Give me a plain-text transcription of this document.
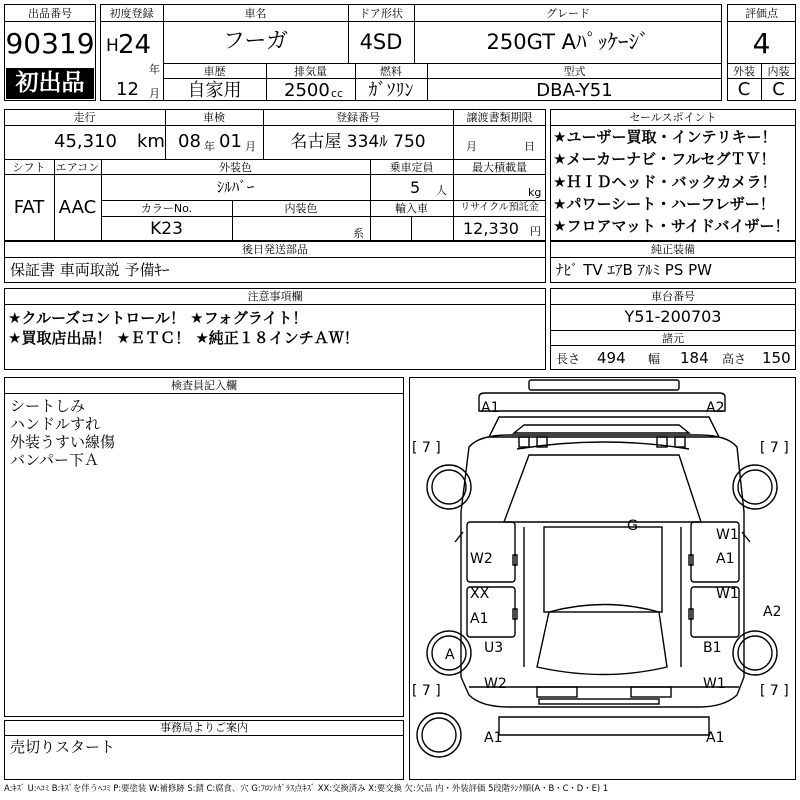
出品番号
90319
初出品
初度登録
H 24
年
12 月
車名
フーガ
ドア形状
4SD
グレード
250GT Aﾊﾟｯｹｰｼﾞ
車歴
自家用
排気量
2500 cc
燃料
ｶﾞｿﾘﾝ
型式
DBA-Y51
評価点
4
外装	内装
C	C
走行
45,310 km
車検
08 年 01 月
登録番号
名古屋 334ﾙ 750
譲渡書類期限
月	日
シフト
FAT
エアコン
AAC
外装色
ｼﾙﾊﾞｰ
乗車定員
5 人
最大積載量
kg
カラーNo.
K23
内装色
系
輸入車	リサイクル預託金
12,330 円
セールスポイント
★ユーザー買取・インテリキー！
★メーカーナビ・フルセグＴＶ！
★ＨＩＤヘッド・バックカメラ！
★パワーシート・ハーフレザー！
★フロアマット・サイドバイザー！
後日発送部品
保証書 車両取説 予備ｷｰ
純正装備
ﾅﾋﾞ TV ｴｱB ｱﾙﾐ PS PW
注意事項欄
★クルーズコントロール！ ★フォグライト！
★買取店出品！ ★ＥＴＣ！ ★純正１８インチＡＷ！
車台番号
Y51-200703
諸元
長さ 494 幅 184 高さ 150
検査員記入欄
シートしみ
ハンドルすれ
外装うすい線傷
バンパー下Ａ
事務局よりご案内
売切りスタート
A1	A2
[ 7 ]	[ 7 ]
G
W1
A1
W2
XX	W1
A1	A2
U3
A	B1
[ 7 ]	W2	W1 [ 7 ]
A1	A1
A:ｷｽﾞ U:ﾍｺﾐ B:ｷｽﾞを伴うﾍｺﾐ P:要塗装 W:補修跡 S:錆 C:腐食、穴 G:ﾌﾛﾝﾄｶﾞﾗｽ点ｷｽﾞ XX:交換済み X:要交換 欠:欠品 内・外装評価 5段階ﾗﾝｸ順(A・B・C・D・E) 1
